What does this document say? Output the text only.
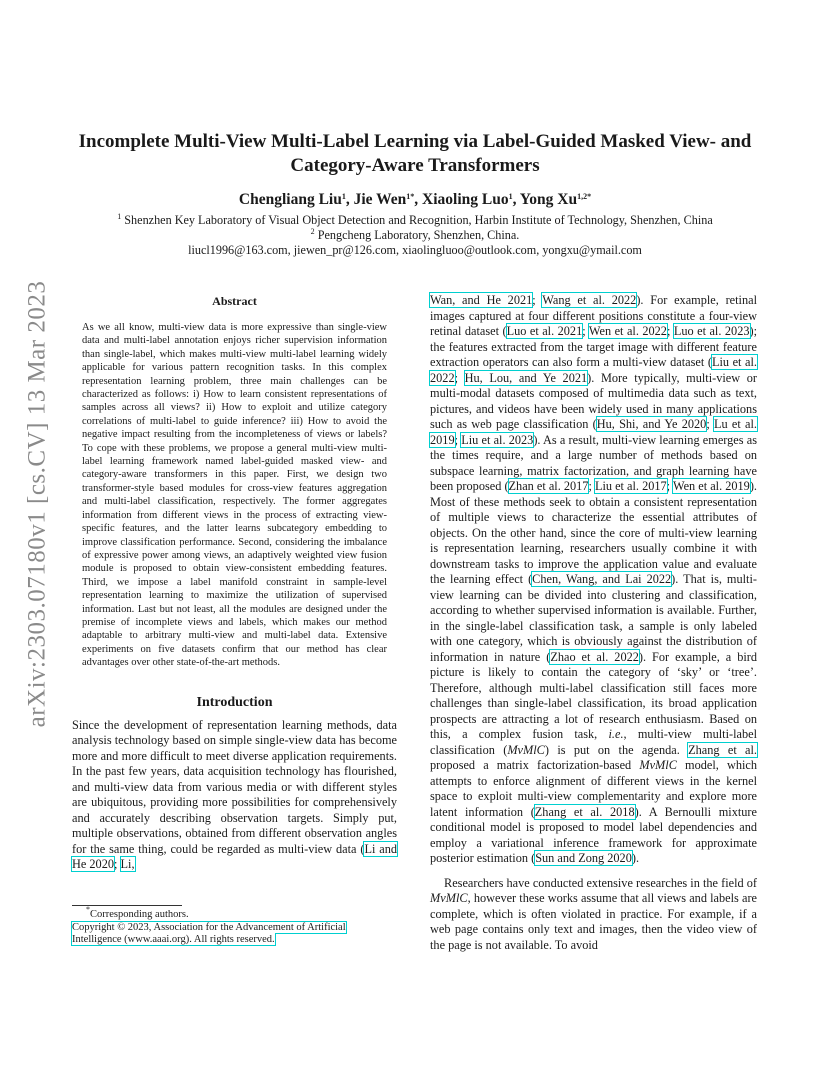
arXiv:2303.07180v1 [cs.CV] 13 Mar 2023
Incomplete Multi-View Multi-Label Learning via Label-Guided Masked View- and Category-Aware Transformers
Chengliang Liu$^1$, Jie Wen$^{1*}$, Xiaoling Luo$^1$, Yong $Xu^{1,2*}$
$^1$ Shenzhen Key Laboratory of Visual Object Detection and Recognition, Harbin Institute of Technology, Shenzhen, China
$^2$ Pengcheng Laboratory, Shenzhen, China.
liucl1996@163.com, jiewen_pr@126.com, xiaolingluoo@outlook.com, yongxu@ymail.com
Abstract

As we all know, multi-view data is more expressive than single-view data and multi-label annotation enjoys richer supervision information than single-label, which makes multi-view multi-label learning widely applicable for various pattern recognition tasks. In this complex representation learning problem, three main challenges can be characterized as follows: i) How to learn consistent representations of samples across all views? ii) How to exploit and utilize category correlations of multi-label to guide inference? iii) How to avoid the negative impact resulting from the incompleteness of views or labels? To cope with these problems, we propose a general multi-view multi-label learning framework named label-guided masked view- and category-aware transformers in this paper. First, we design two transformer-style based modules for cross-view features aggregation and multi-label classification, respectively. The former aggregates information from different views in the process of extracting view-specific features, and the latter learns subcategory embedding to improve classification performance. Second, considering the imbalance of expressive power among views, an adaptively weighted view fusion module is proposed to obtain view-consistent embedding features. Third, we impose a label manifold constraint in sample-level representation learning to maximize the utilization of supervised information. Last but not least, all the modules are designed under the premise of incomplete views and labels, which makes our method adaptable to arbitrary multi-view and multi-label data. Extensive experiments on five datasets confirm that our method has clear advantages over other state-of-the-art methods.

Introduction

Since the development of representation learning methods, data analysis technology based on simple single-view data has become more and more difficult to meet diverse application requirements. In the past few years, data acquisition technology has flourished, and multi-view data from various media or with different styles are ubiquitous, providing more possibilities for comprehensively and accurately describing observation targets. Simply put, multiple observations, obtained from different observation angles for the same thing, could be regarded as multi-view data (Li and He 2020; Li,

*Corresponding authors.
Copyright © 2023, Association for the Advancement of Artificial Intelligence (www.aaai.org). All rights reserved.

Wan, and He 2021; Wang et al. 2022). For example, retinal images captured at four different positions constitute a four-view retinal dataset (Luo et al. 2021; Wen et al. 2022; Luo et al. 2023); the features extracted from the target image with different feature extraction operators can also form a multi-view dataset (Liu et al. 2022; Hu, Lou, and Ye 2021). More typically, multi-view or multi-modal datasets composed of multimedia data such as text, pictures, and videos have been widely used in many applications such as web page classification (Hu, Shi, and Ye 2020; Lu et al. 2019; Liu et al. 2023). As a result, multi-view learning emerges as the times require, and a large number of methods based on subspace learning, matrix factorization, and graph learning have been proposed (Zhan et al. 2017; Liu et al. 2017; Wen et al. 2019). Most of these methods seek to obtain a consistent representation of multiple views to characterize the essential attributes of objects. On the other hand, since the core of multi-view learning is representation learning, researchers usually combine it with downstream tasks to improve the application value and evaluate the learning effect (Chen, Wang, and Lai 2022). That is, multi-view learning can be divided into clustering and classification, according to whether supervised information is available. Further, in the single-label classification task, a sample is only labeled with one category, which is obviously against the distribution of information in nature (Zhao et al. 2022). For example, a bird picture is likely to contain the category of ‘sky’ or ‘tree’. Therefore, although multi-label classification still faces more challenges than single-label classification, its broad application prospects are attracting a lot of research enthusiasm. Based on this, a complex fusion task, i.e., multi-view multi-label classification (MvMlC) is put on the agenda. Zhang et al. proposed a matrix factorization-based MvMlC model, which attempts to enforce alignment of different views in the kernel space to exploit multi-view complementarity and explore more latent information (Zhang et al. 2018). A Bernoulli mixture conditional model is proposed to model label dependencies and employ a variational inference framework for approximate posterior estimation (Sun and Zong 2020).

Researchers have conducted extensive researches in the field of MvMlC, however these works assume that all views and labels are complete, which is often violated in practice. For example, if a web page contains only text and images, then the video view of the page is not available. To avoid
